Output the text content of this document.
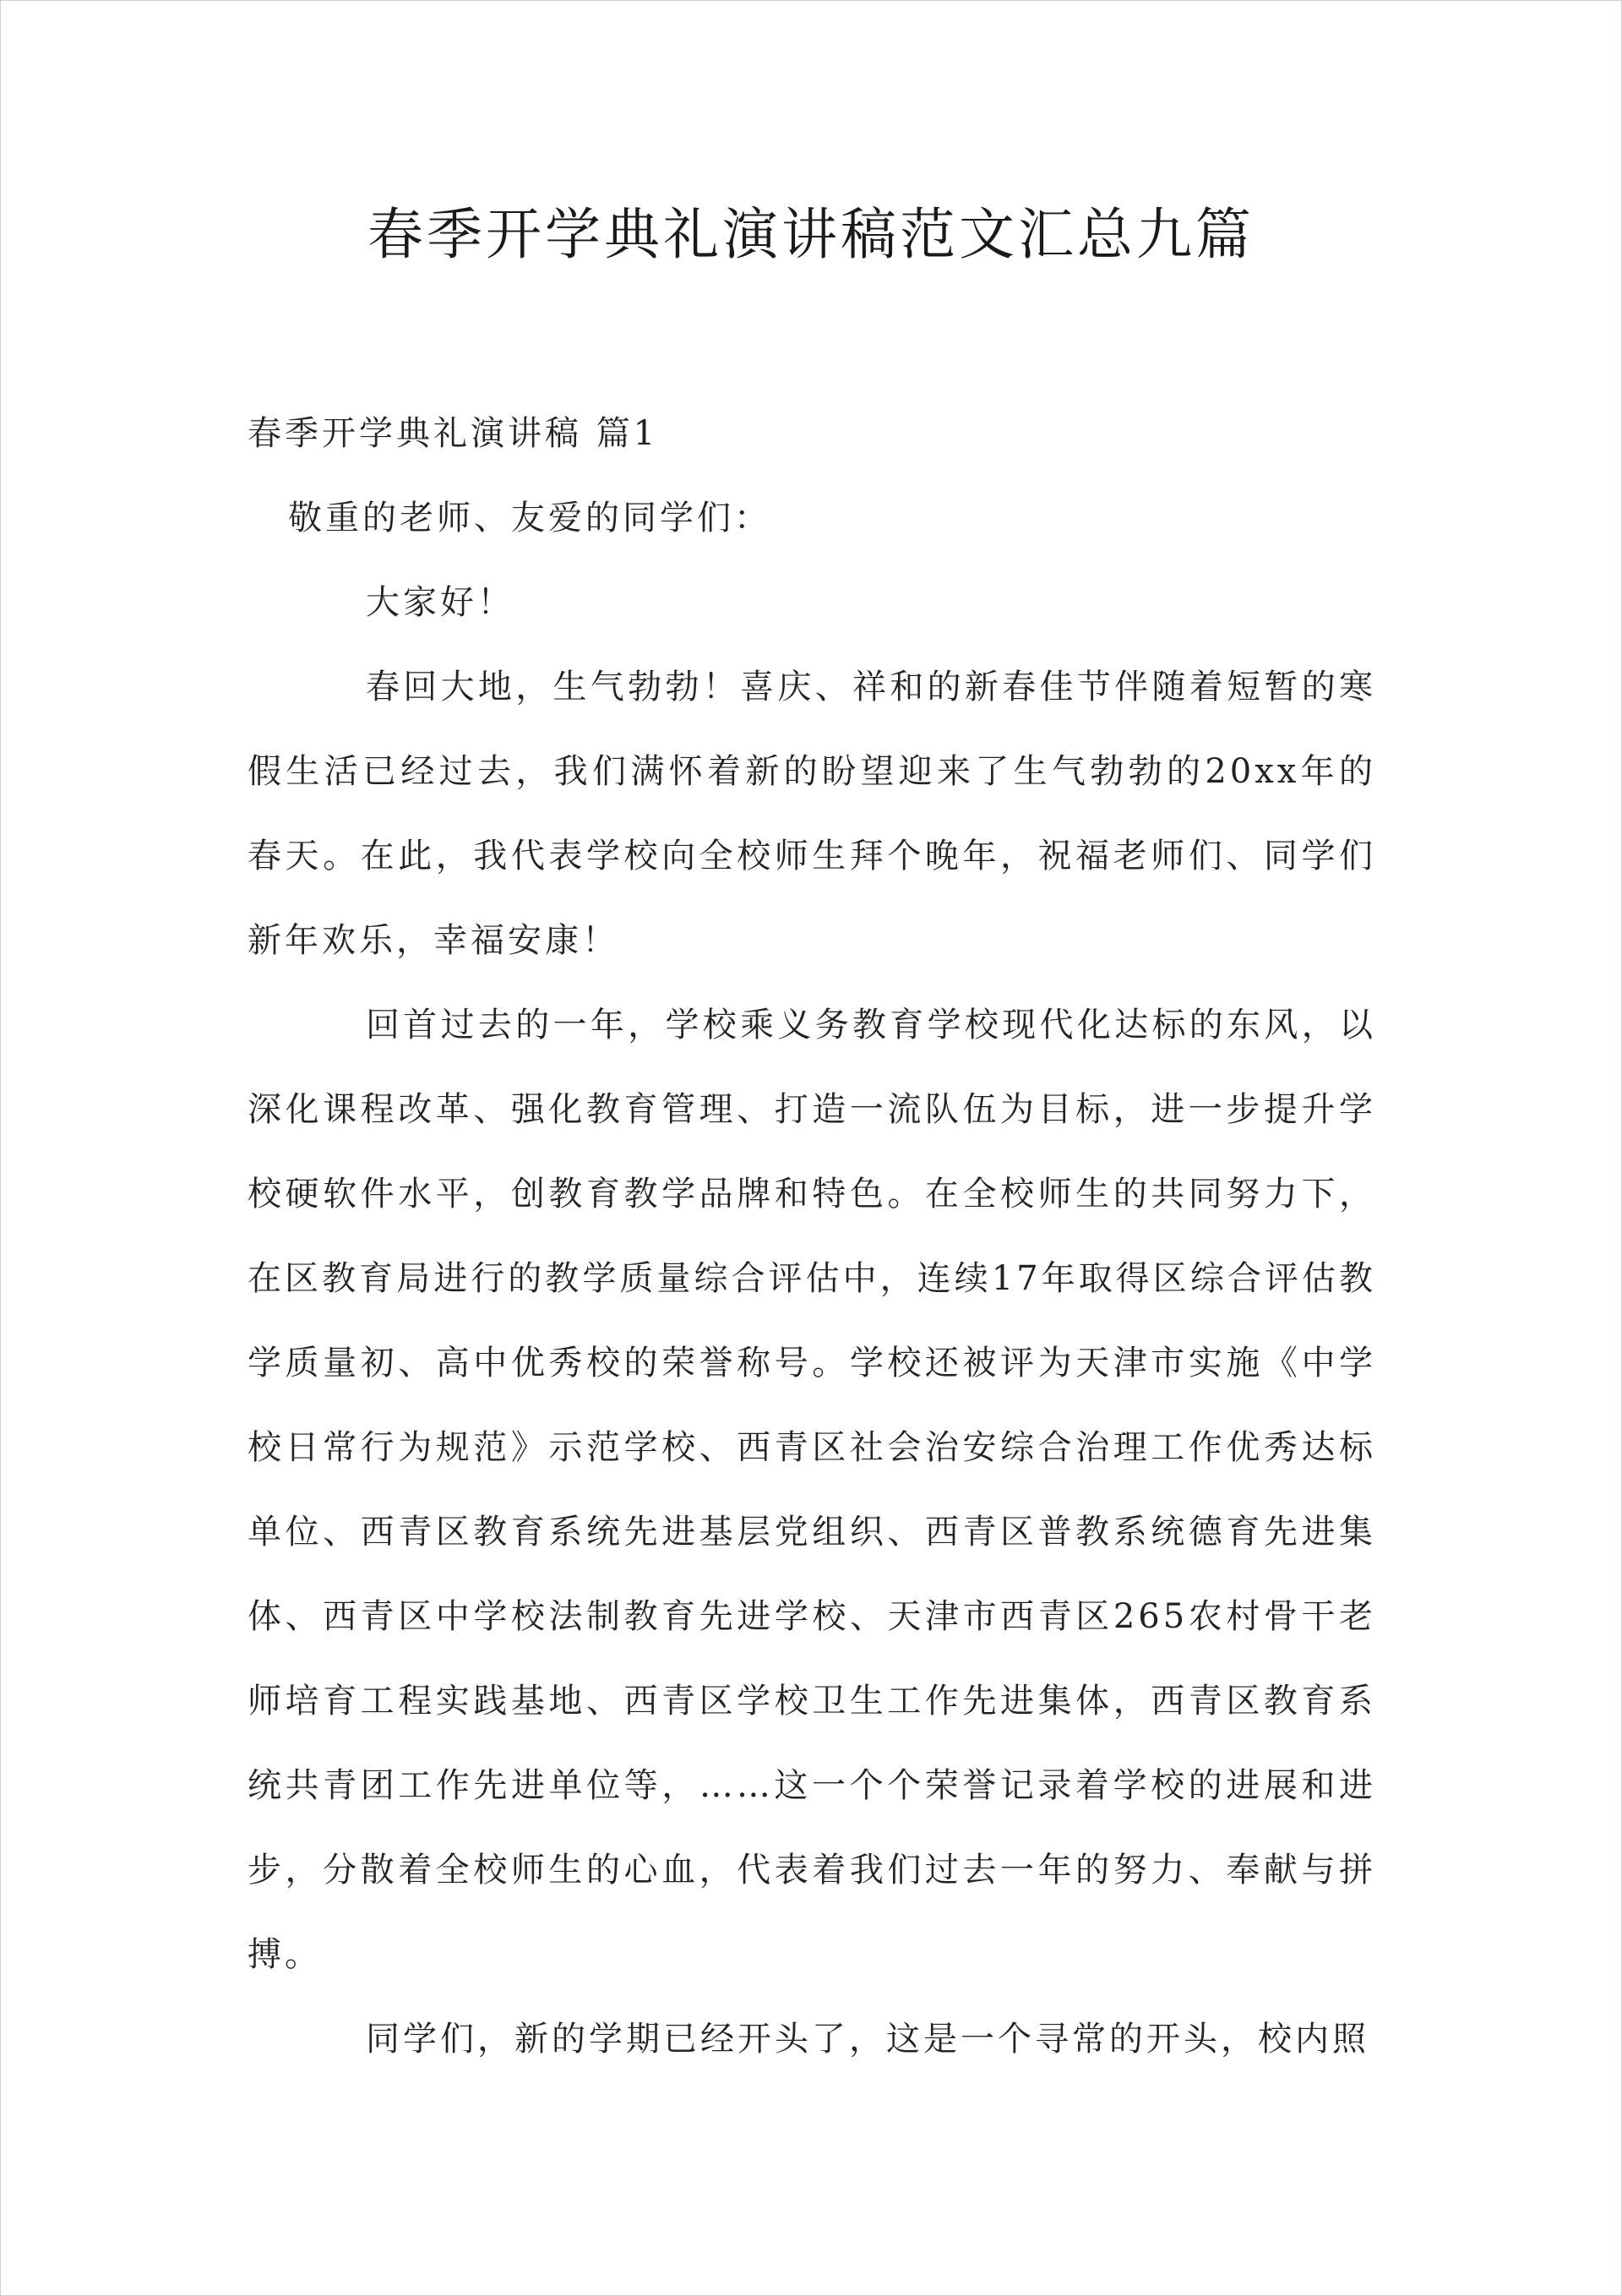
春季开学典礼演讲稿范文汇总九篇

春季开学典礼演讲稿 篇1

敬重的老师、友爱的同学们：

大家好！

春回大地，生气勃勃！喜庆、祥和的新春佳节伴随着短暂的寒假生活已经过去，我们满怀着新的盼望迎来了生气勃勃的20xx年的春天。在此，我代表学校向全校师生拜个晚年，祝福老师们、同学们新年欢乐，幸福安康！

回首过去的一年，学校乘义务教育学校现代化达标的东风，以深化课程改革、强化教育管理、打造一流队伍为目标，进一步提升学校硬软件水平，创教育教学品牌和特色。在全校师生的共同努力下，在区教育局进行的教学质量综合评估中，连续17年取得区综合评估教学质量初、高中优秀校的荣誉称号。学校还被评为天津市实施《中学校日常行为规范》示范学校、西青区社会治安综合治理工作优秀达标单位、西青区教育系统先进基层党组织、西青区普教系统德育先进集体、西青区中学校法制教育先进学校、天津市西青区265农村骨干老师培育工程实践基地、西青区学校卫生工作先进集体，西青区教育系统共青团工作先进单位等，……这一个个荣誉记录着学校的进展和进步，分散着全校师生的心血，代表着我们过去一年的努力、奉献与拼搏。

同学们，新的学期已经开头了，这是一个寻常的开头，校内照
